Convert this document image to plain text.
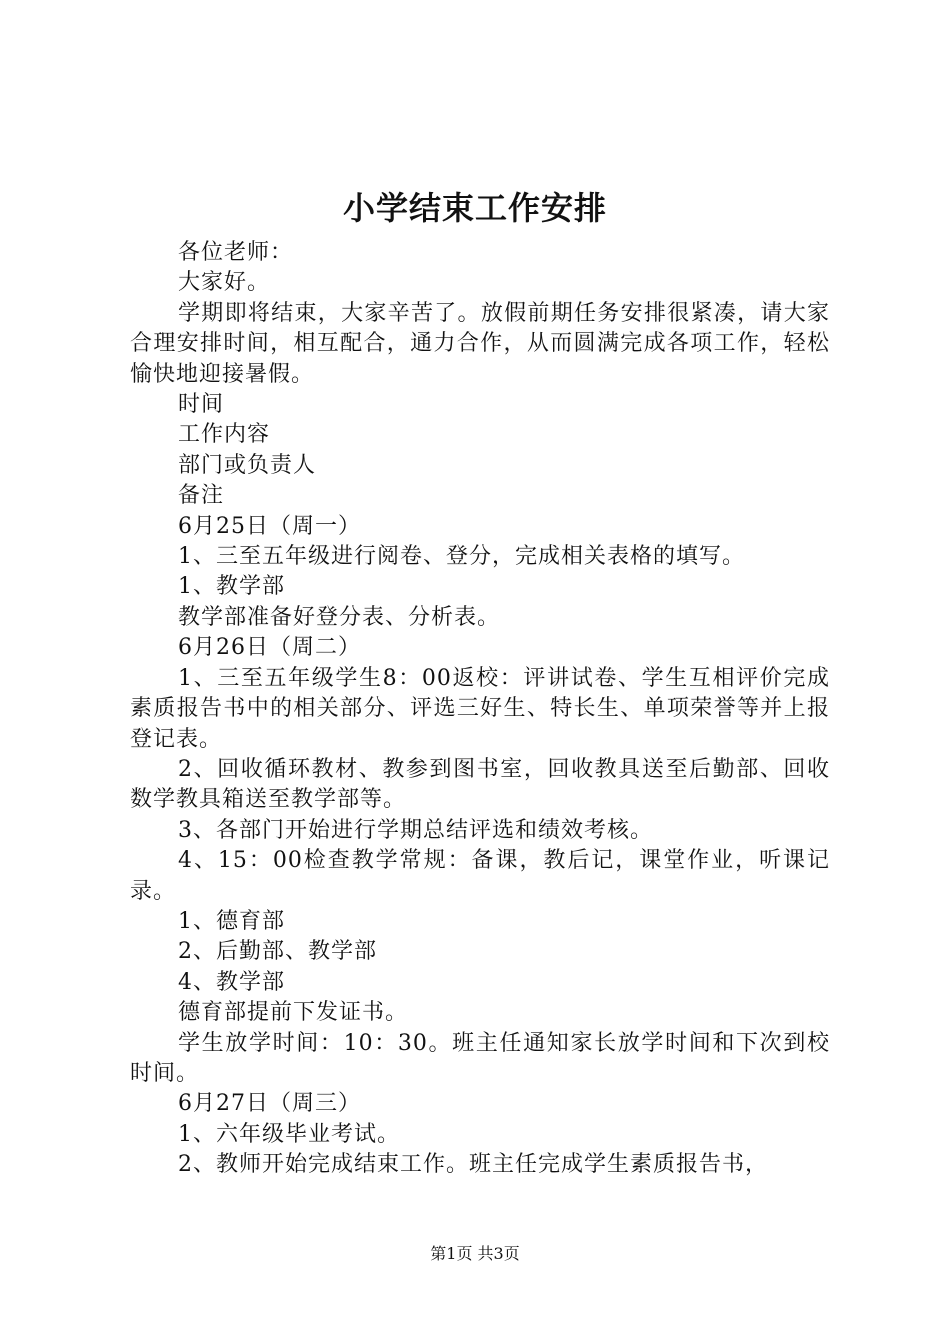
小学结束工作安排

各位老师：

大家好。

学期即将结束，大家辛苦了。放假前期任务安排很紧凑，请大家合理安排时间，相互配合，通力合作，从而圆满完成各项工作，轻松愉快地迎接暑假。

时间

工作内容

部门或负责人

备注

6月25日（周一）

1、三至五年级进行阅卷、登分，完成相关表格的填写。

1、教学部

教学部准备好登分表、分析表。

6月26日（周二）

1、三至五年级学生8：00返校：评讲试卷、学生互相评价完成素质报告书中的相关部分、评选三好生、特长生、单项荣誉等并上报登记表。

2、回收循环教材、教参到图书室，回收教具送至后勤部、回收数学教具箱送至教学部等。

3、各部门开始进行学期总结评选和绩效考核。

4、15：00检查教学常规：备课，教后记，课堂作业，听课记录。

1、德育部

2、后勤部、教学部

4、教学部

德育部提前下发证书。

学生放学时间：10：30。班主任通知家长放学时间和下次到校时间。

6月27日（周三）

1、六年级毕业考试。

2、教师开始完成结束工作。班主任完成学生素质报告书，

第1页 共3页
